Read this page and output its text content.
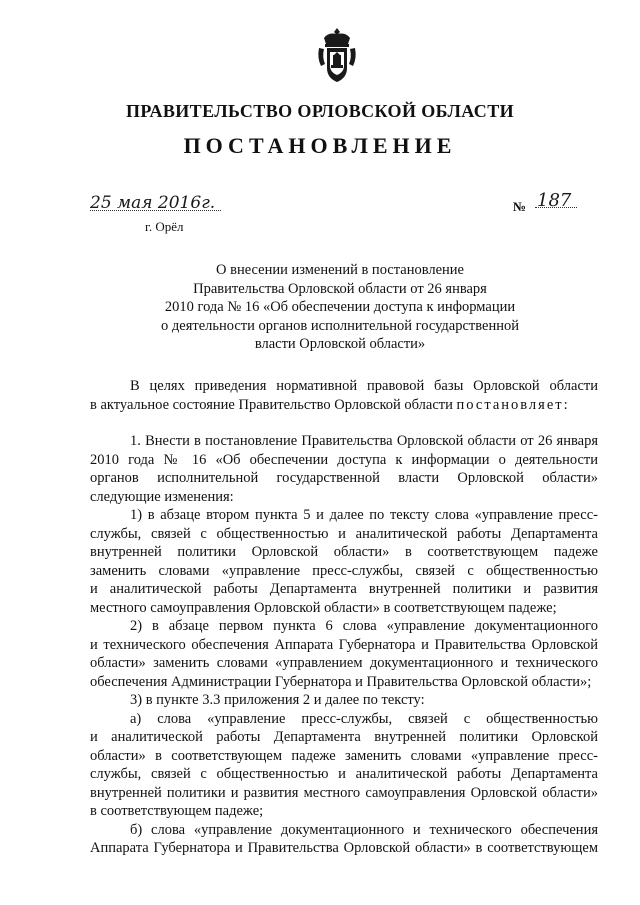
ПРАВИТЕЛЬСТВО ОРЛОВСКОЙ ОБЛАСТИ
ПОСТАНОВЛЕНИЕ
25 мая 2016г.
г. Орёл
№ 187
О внесении изменений в постановление
Правительства Орловской области от 26 января
2010 года № 16 «Об обеспечении доступа к информации
о деятельности органов исполнительной государственной
власти Орловской области»

В целях приведения нормативной правовой базы Орловской области

в актуальное состояние Правительство Орловской области постановляет:

1. Внести в постановление Правительства Орловской области от 26 января

2010 года № 16 «Об обеспечении доступа к информации о деятельности

органов исполнительной государственной власти Орловской области»

следующие изменения:

1) в абзаце втором пункта 5 и далее по тексту слова «управление пресс-

службы, связей с общественностью и аналитической работы Департамента

внутренней политики Орловской области» в соответствующем падеже

заменить словами «управление пресс-службы, связей с общественностью

и аналитической работы Департамента внутренней политики и развития

местного самоуправления Орловской области» в соответствующем падеже;

2) в абзаце первом пункта 6 слова «управление документационного

и технического обеспечения Аппарата Губернатора и Правительства Орловской

области» заменить словами «управлением документационного и технического

обеспечения Администрации Губернатора и Правительства Орловской области»;

3) в пункте 3.3 приложения 2 и далее по тексту:

а) слова «управление пресс-службы, связей с общественностью

и аналитической работы Департамента внутренней политики Орловской

области» в соответствующем падеже заменить словами «управление пресс-

службы, связей с общественностью и аналитической работы Департамента

внутренней политики и развития местного самоуправления Орловской области»

в соответствующем падеже;

б) слова «управление документационного и технического обеспечения

Аппарата Губернатора и Правительства Орловской области» в соответствующем
